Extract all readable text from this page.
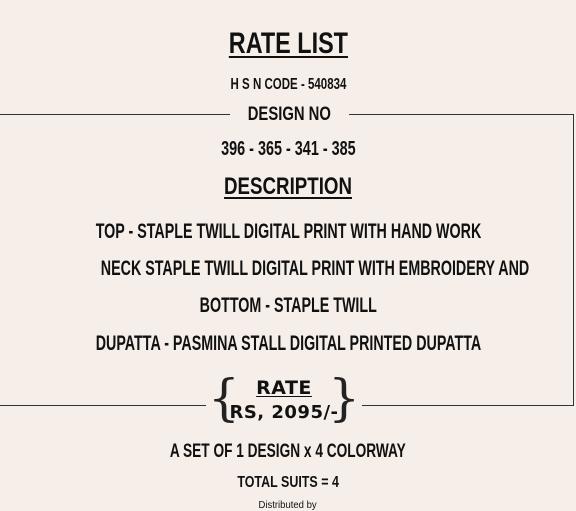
RATE LIST
H S N CODE - 540834
DESIGN NO
396 - 365 - 341 - 385
DESCRIPTION
TOP - STAPLE TWILL DIGITAL PRINT WITH HAND WORK
NECK STAPLE TWILL DIGITAL PRINT WITH EMBROIDERY AND
BOTTOM - STAPLE TWILL
DUPATTA - PASMINA STALL DIGITAL PRINTED DUPATTA
{ RATE
RS, 2095/-
}
A SET OF 1 DESIGN x 4 COLORWAY
TOTAL SUITS = 4
Distributed by
